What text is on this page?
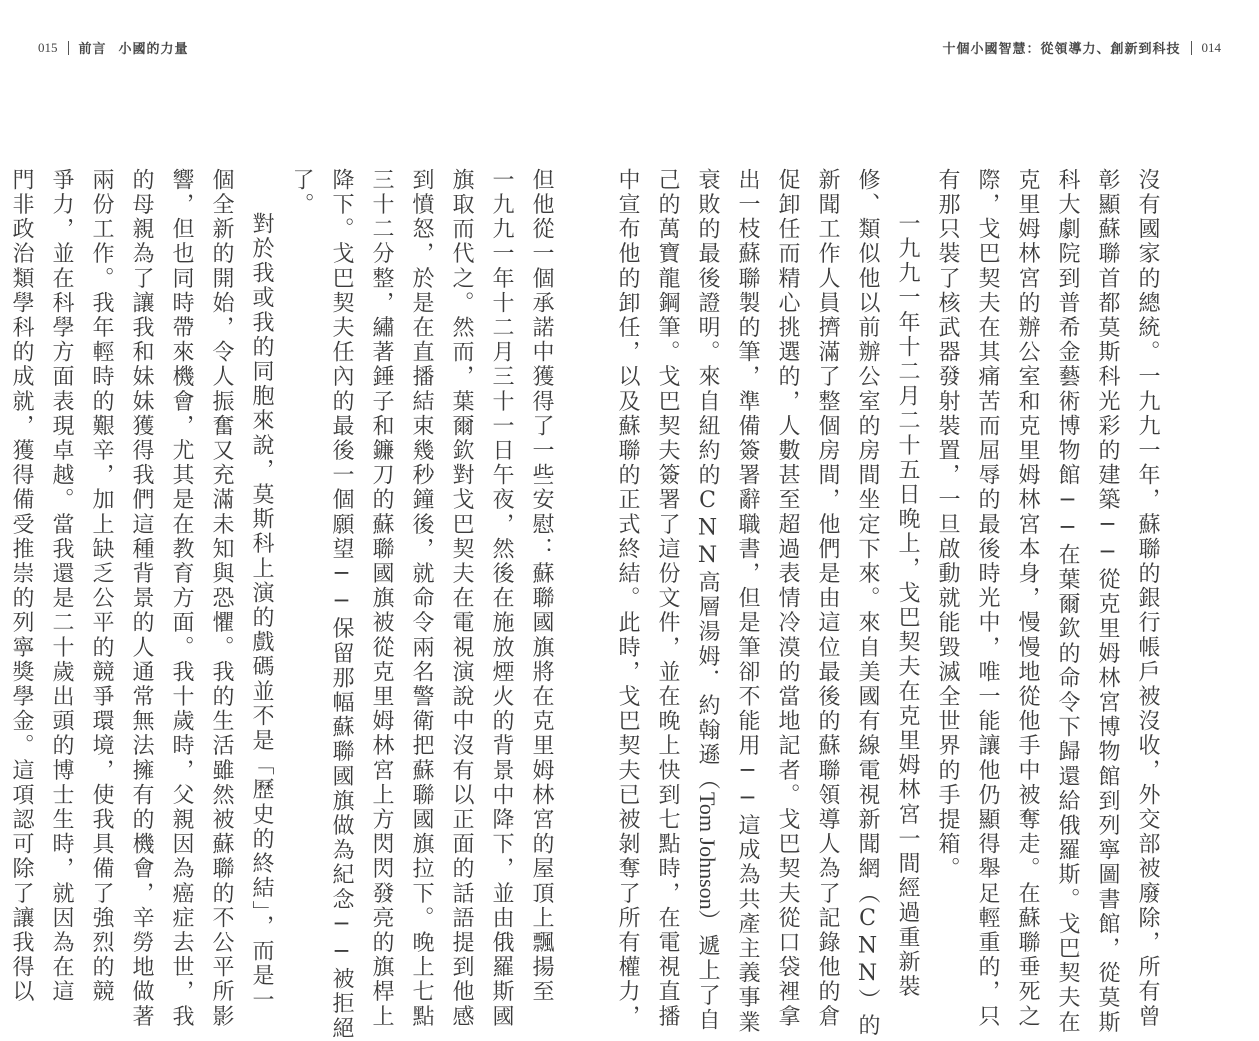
015 前言 小國的力量	十個小國智慧：從領導力、創新到科技 014
沒有國家的總統。一九九一年，蘇聯的銀行帳戶被沒收，外交部被廢除，所有曾
彰顯蘇聯首都莫斯科光彩的建築──從克里姆林宮博物館到列寧圖書館，從莫斯
科大劇院到普希金藝術博物館──在葉爾欽的命令下歸還給俄羅斯。戈巴契夫在
克里姆林宮的辦公室和克里姆林宮本身，慢慢地從他手中被奪走。在蘇聯垂死之
際，戈巴契夫在其痛苦而屈辱的最後時光中，唯一能讓他仍顯得舉足輕重的，只
有那只裝了核武器發射裝置，一旦啟動就能毀滅全世界的手提箱。
一九九一年十二月二十五日晚上，戈巴契夫在克里姆林宮一間經過重新裝
修、類似他以前辦公室的房間坐定下來。來自美國有線電視新聞網（CNN）的
新聞工作人員擠滿了整個房間，他們是由這位最後的蘇聯領導人為了記錄他的倉
促卸任而精心挑選的，人數甚至超過表情冷漠的當地記者。戈巴契夫從口袋裡拿
出一枝蘇聯製的筆，準備簽署辭職書，但是筆卻不能用──這成為共產主義事業
衰敗的最後證明。來自紐約的CNN高層湯姆．約翰遜（Tom Johnson）遞上了自
己的萬寶龍鋼筆。戈巴契夫簽署了這份文件，並在晚上快到七點時，在電視直播
中宣布他的卸任，以及蘇聯的正式終結。此時，戈巴契夫已被剝奪了所有權力，
但他從一個承諾中獲得了一些安慰：蘇聯國旗將在克里姆林宮的屋頂上飄揚至
一九九一年十二月三十一日午夜，然後在施放煙火的背景中降下，並由俄羅斯國
旗取而代之。然而，葉爾欽對戈巴契夫在電視演說中沒有以正面的話語提到他感
到憤怒，於是在直播結束幾秒鐘後，就命令兩名警衛把蘇聯國旗拉下。晚上七點
三十二分整，繡著錘子和鐮刀的蘇聯國旗被從克里姆林宮上方閃閃發亮的旗桿上
降下。戈巴契夫任內的最後一個願望──保留那幅蘇聯國旗做為紀念──被拒絕
了。
對於我或我的同胞來說，莫斯科上演的戲碼並不是「歷史的終結」，而是一
個全新的開始，令人振奮又充滿未知與恐懼。我的生活雖然被蘇聯的不公平所影
響，但也同時帶來機會，尤其是在教育方面。我十歲時，父親因為癌症去世，我
的母親為了讓我和妹妹獲得我們這種背景的人通常無法擁有的機會，辛勞地做著
兩份工作。我年輕時的艱辛，加上缺乏公平的競爭環境，使我具備了強烈的競
爭力，並在科學方面表現卓越。當我還是二十歲出頭的博士生時，就因為在這
門非政治類學科的成就，獲得備受推崇的列寧獎學金。這項認可除了讓我得以
